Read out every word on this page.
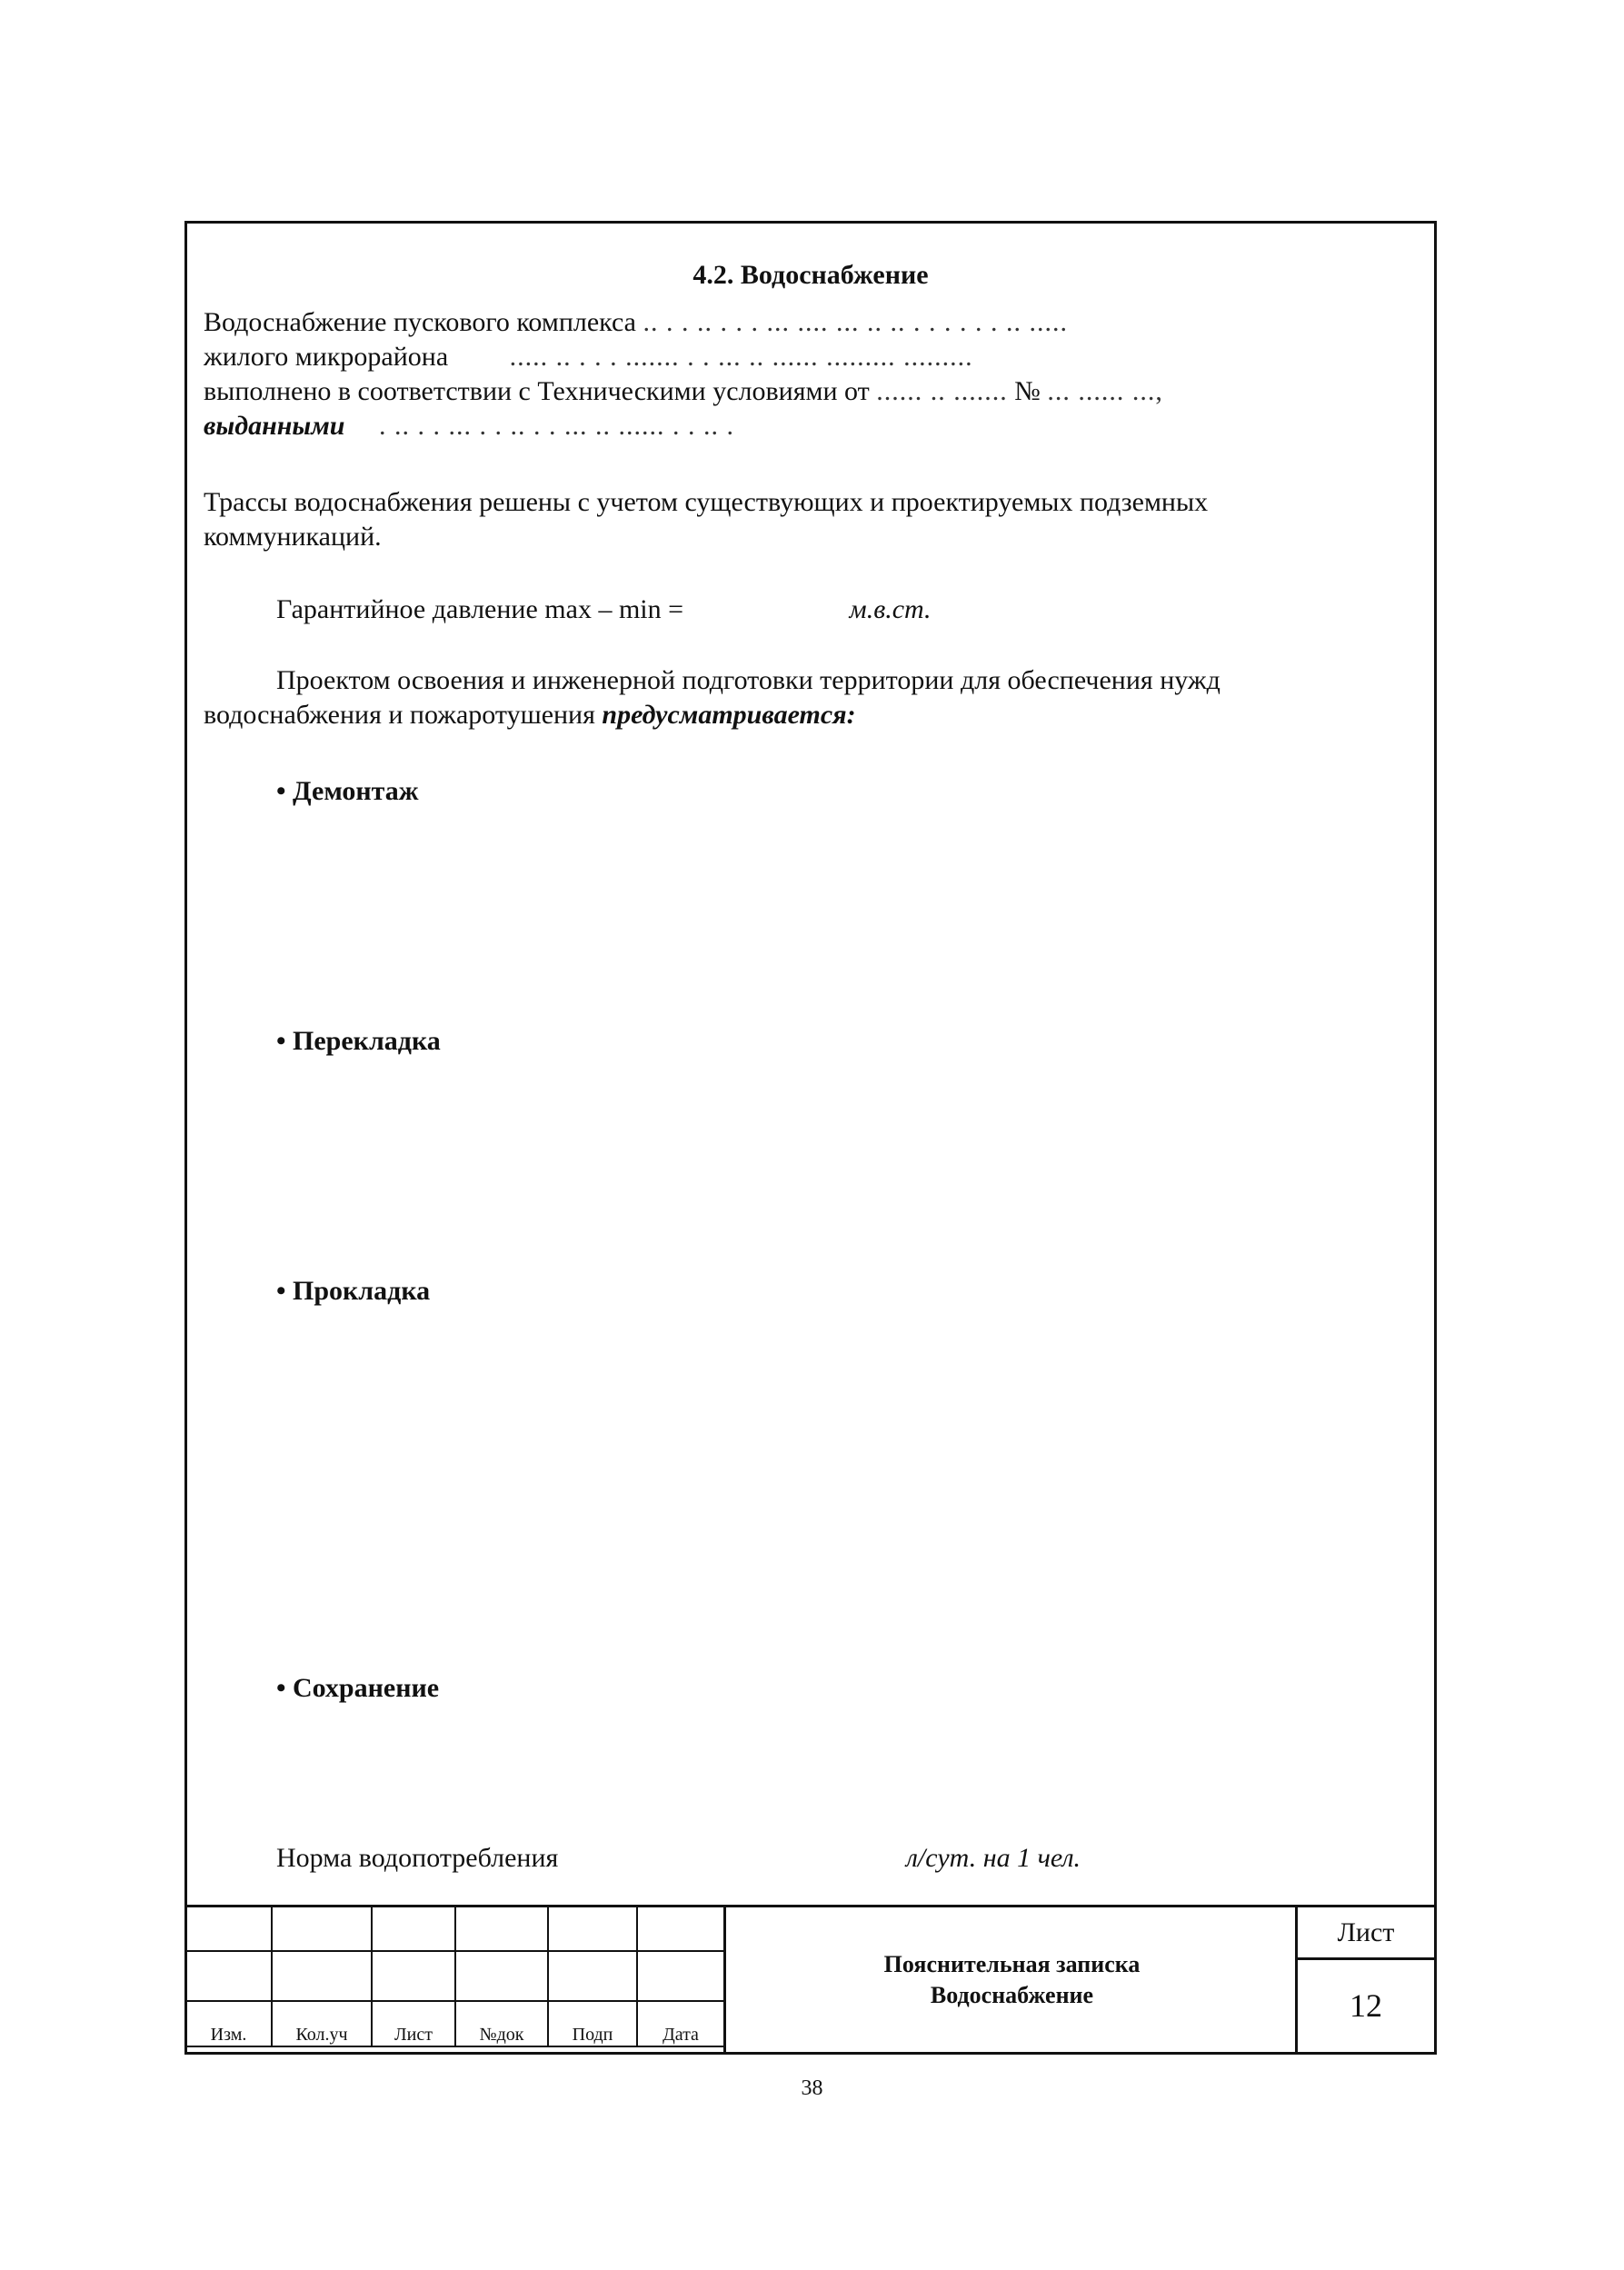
4.2. Водоснабжение
Водоснабжение пускового комплекса .. . . .. . . . ... .... ... .. .. . . . . . . .. .....
жилого микрорайона ..... .. . . . ....... . . ... .. ...... ......... .........
выполнено в соответствии с Техническими условиями от ...... .. ....... № ... ...... ...,
выданными . .. . . ... . . .. . . ... .. ...... . . .. .
Трассы водоснабжения решены с учетом существующих и проектируемых подземных коммуникаций.
Гарантийное давление max – min =	м.в.ст.
Проектом освоения и инженерной подготовки территории для обеспечения нужд водоснабжения и пожаротушения предусматривается:
• Демонтаж
• Перекладка
• Прокладка
• Сохранение
Норма водопотребления	л/сут. на 1 чел.

Изм.	Кол.уч	Лист	№док	Подп	Дата
Пояснительная записка
Водоснабжение
Лист
12
38
